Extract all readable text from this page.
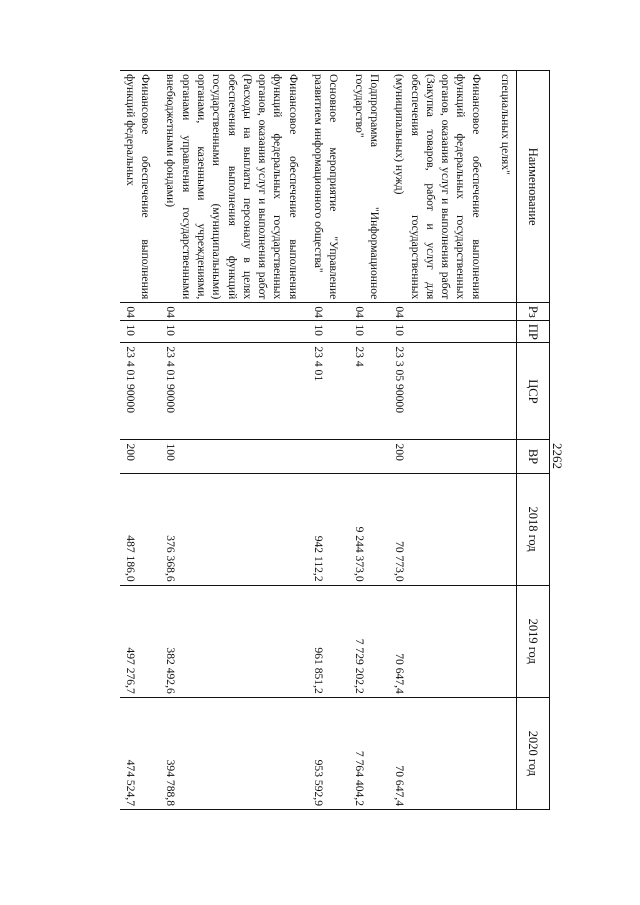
2262
Наименование	Рз	ПР	ЦСР	ВР	2018 год	2019 год	2020 год
специальных целях"							
Финансовое обеспечение выполнения функций федеральных государственных органов, оказания услуг и выполнения работ (Закупка товаров, работ и услуг для обеспечения государственных (муниципальных) нужд)	04	10	23 3 05 90000	200	70 773,0	70 647,4	70 647,4
Подпрограмма "Информационное государство"	04	10	23 4		9 244 373,0	7 729 202,2	7 764 404,2
Основное мероприятие "Управление развитием информационного общества"	04	10	23 4 01		942 112,2	961 851,2	953 592,9
Финансовое обеспечение выполнения функций федеральных государственных органов, оказания услуг и выполнения работ (Расходы на выплаты персоналу в целях обеспечения выполнения функций государственными (муниципальными) органами, казенными учреждениями, органами управления государственными внебюджетными фондами)	04	10	23 4 01 90000	100	376 368,6	382 492,6	394 788,8
Финансовое обеспечение выполнения функций федеральных	04	10	23 4 01 90000	200	487 186,0	497 276,7	474 524,7
